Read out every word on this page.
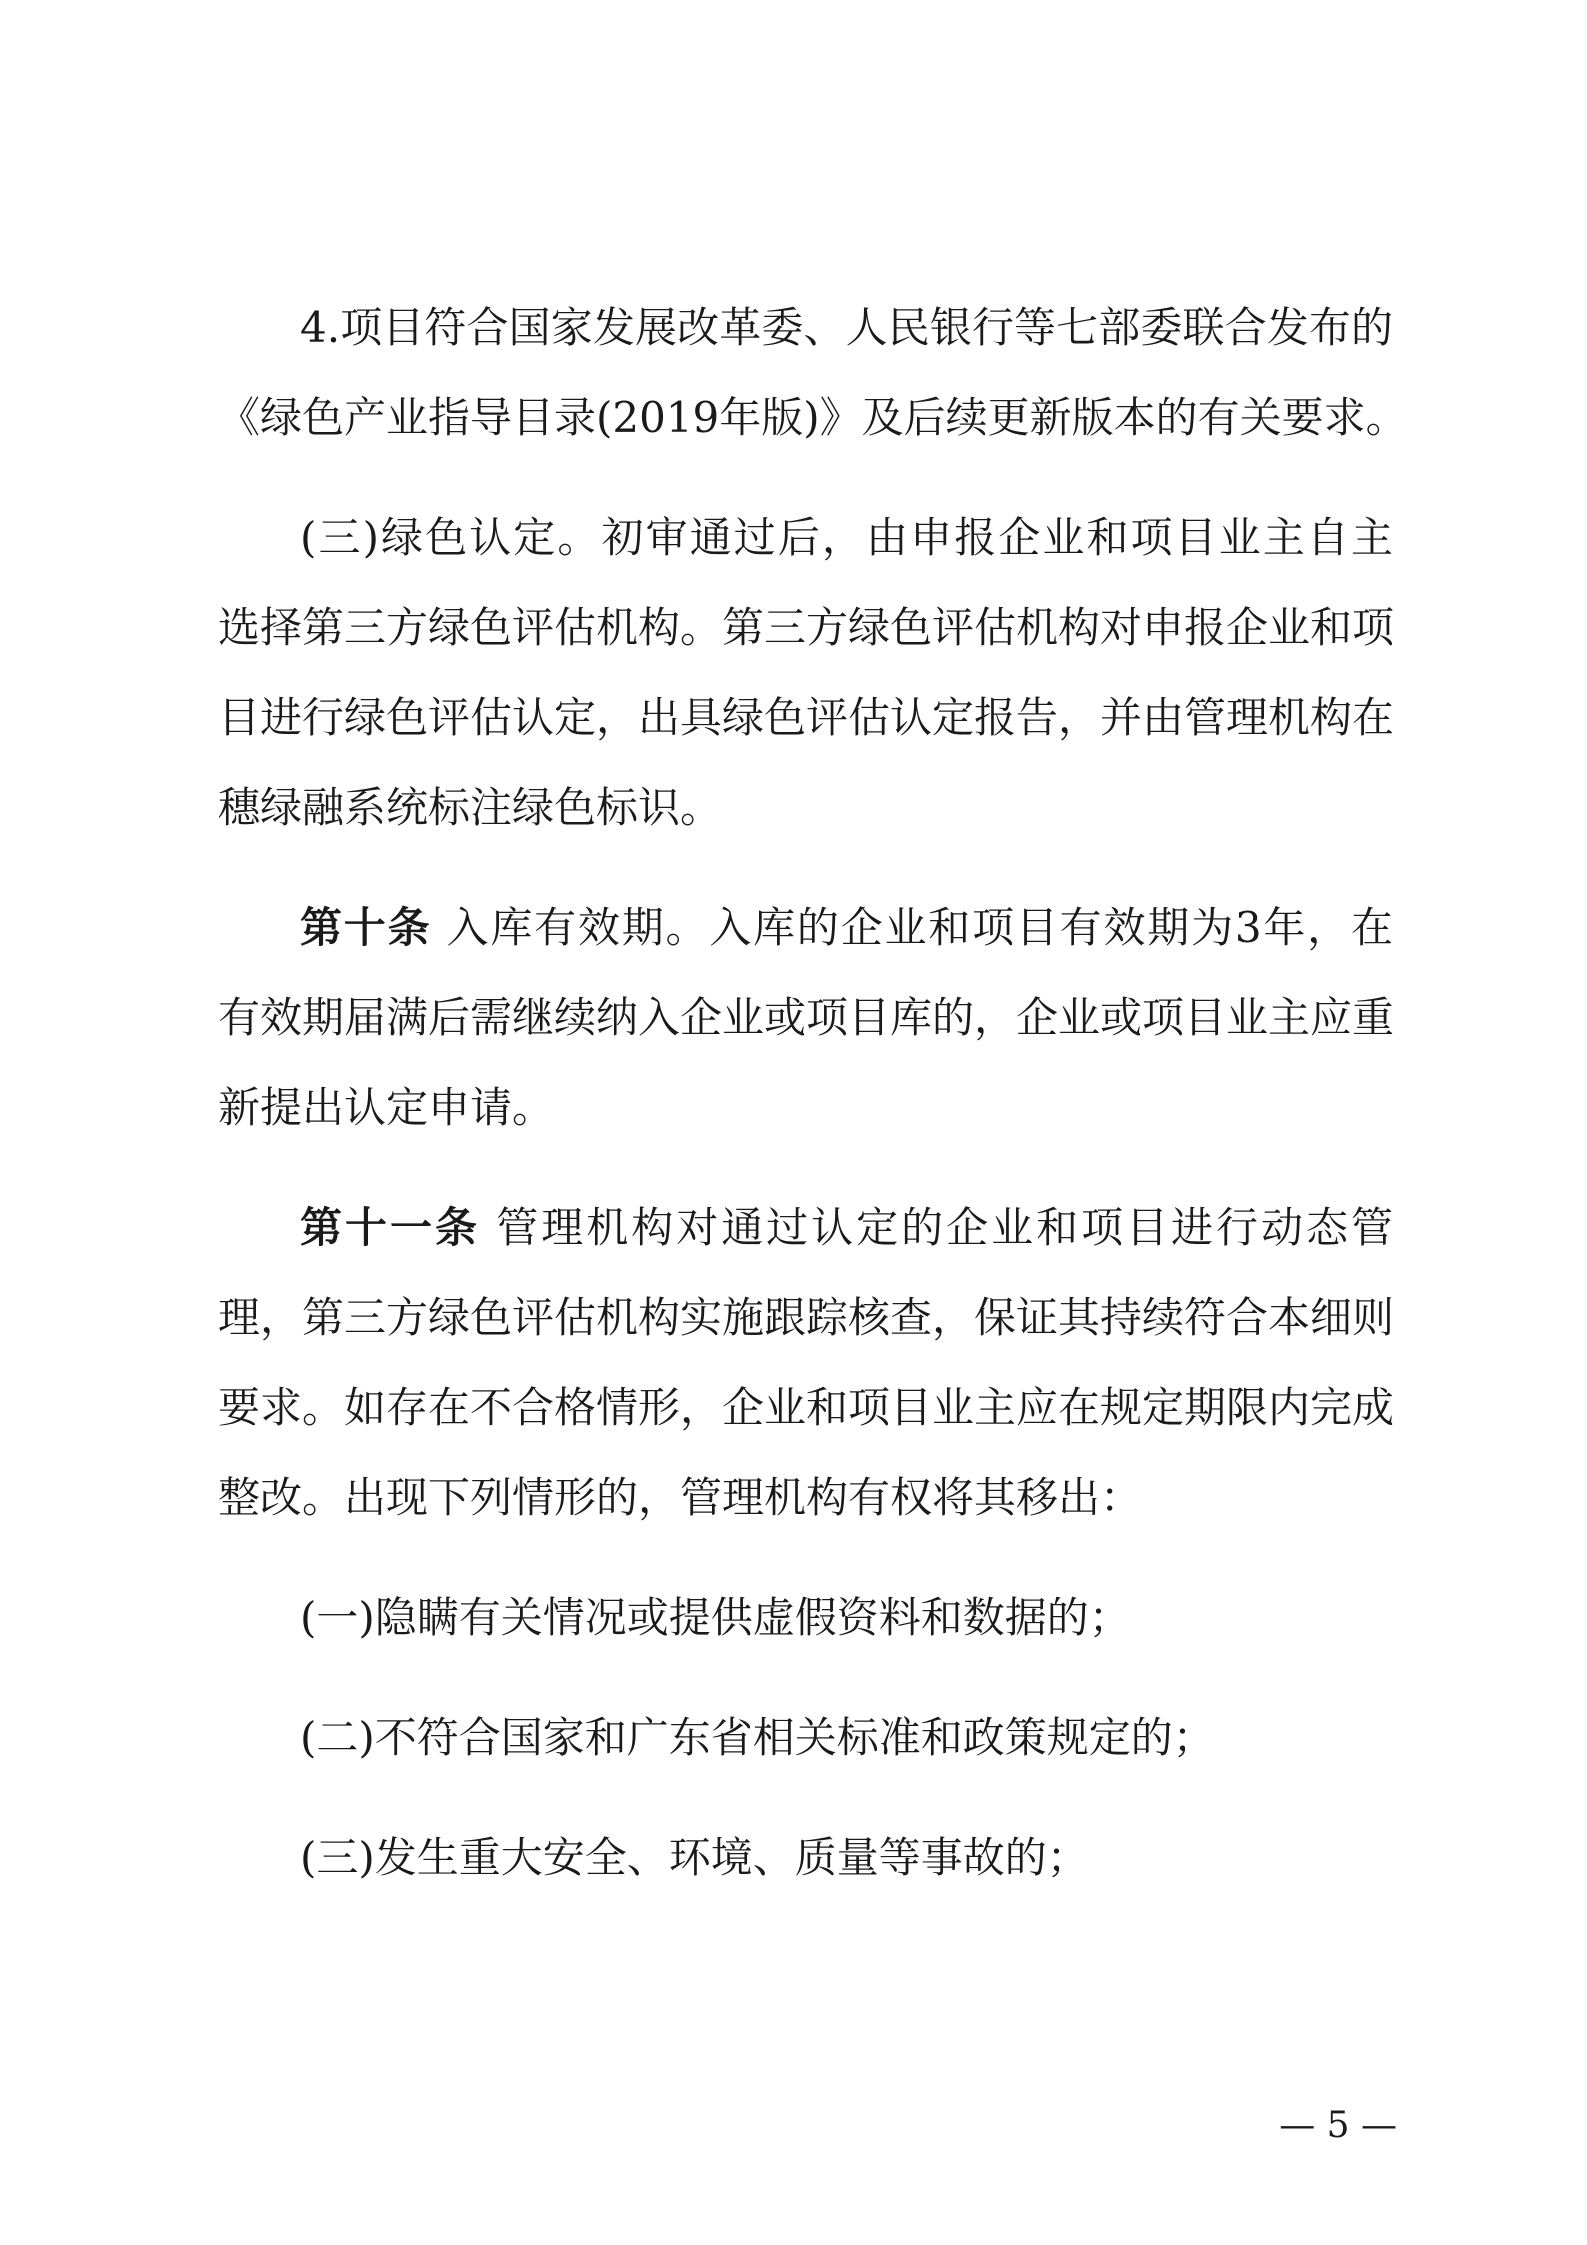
4.项目符合国家发展改革委、人民银行等七部委联合发布的
《绿色产业指导目录(2019年版)》及后续更新版本的有关要求。
(三)绿色认定。初审通过后，由申报企业和项目业主自主
选择第三方绿色评估机构。第三方绿色评估机构对申报企业和项
目进行绿色评估认定，出具绿色评估认定报告，并由管理机构在
穗绿融系统标注绿色标识。
第十条 入库有效期。入库的企业和项目有效期为3年，在
有效期届满后需继续纳入企业或项目库的，企业或项目业主应重
新提出认定申请。
第十一条 管理机构对通过认定的企业和项目进行动态管
理，第三方绿色评估机构实施跟踪核查，保证其持续符合本细则
要求。如存在不合格情形，企业和项目业主应在规定期限内完成
整改。出现下列情形的，管理机构有权将其移出：
(一)隐瞒有关情况或提供虚假资料和数据的；
(二)不符合国家和广东省相关标准和政策规定的；
(三)发生重大安全、环境、质量等事故的；
— 5 —
